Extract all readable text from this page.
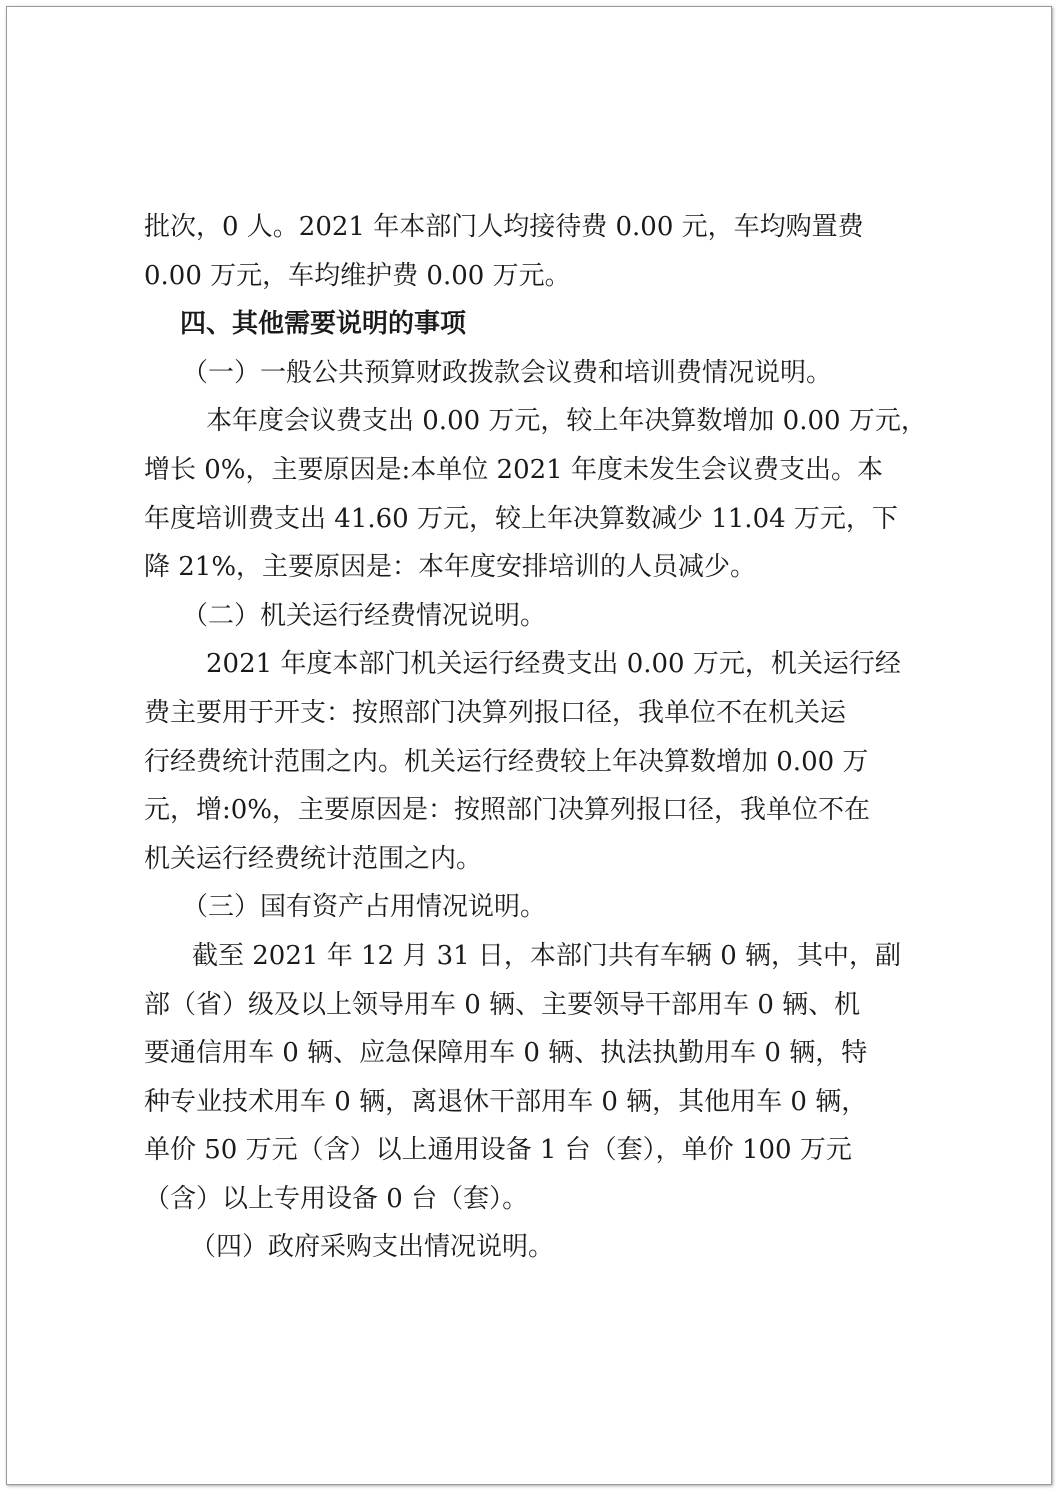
批次，0 人。2021 年本部门人均接待费 0.00 元，车均购置费
0.00 万元，车均维护费 0.00 万元。
四、其他需要说明的事项
（一）一般公共预算财政拨款会议费和培训费情况说明。
本年度会议费支出 0.00 万元，较上年决算数增加 0.00 万元，
增长 0%，主要原因是:本单位 2021 年度未发生会议费支出。本
年度培训费支出 41.60 万元，较上年决算数减少 11.04 万元，下
降 21%，主要原因是：本年度安排培训的人员减少。
（二）机关运行经费情况说明。
2021 年度本部门机关运行经费支出 0.00 万元，机关运行经
费主要用于开支：按照部门决算列报口径，我单位不在机关运
行经费统计范围之内。机关运行经费较上年决算数增加 0.00 万
元，增:0%，主要原因是：按照部门决算列报口径，我单位不在
机关运行经费统计范围之内。
（三）国有资产占用情况说明。
截至 2021 年 12 月 31 日，本部门共有车辆 0 辆，其中，副
部（省）级及以上领导用车 0 辆、主要领导干部用车 0 辆、机
要通信用车 0 辆、应急保障用车 0 辆、执法执勤用车 0 辆，特
种专业技术用车 0 辆，离退休干部用车 0 辆，其他用车 0 辆，
单价 50 万元（含）以上通用设备 1 台（套），单价 100 万元
（含）以上专用设备 0 台（套）。
（四）政府采购支出情况说明。
